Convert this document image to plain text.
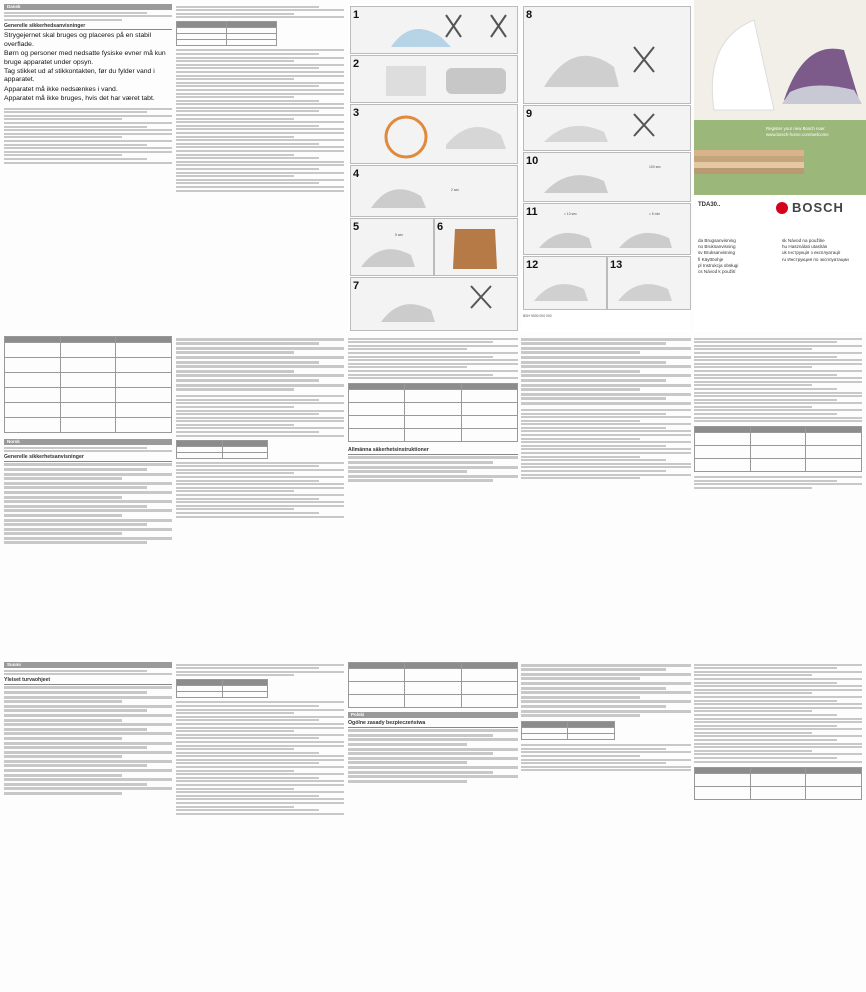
Dansk
Generelle sikkerhedsanvisninger

Strygejernet skal bruges og placeres på en stabil overflade.

Børn og personer med nedsatte fysiske evner må kun bruge apparatet under opsyn.

Tag stikket ud af stikkontakten, før du fylder vand i apparatet.

Apparatet må ikke nedsænkes i vand.

Apparatet må ikke bruges, hvis det har været tabt.

1
2
3
4
2 sec
5
5 sec
6
7
8
9
10	100 sec
11	≈ 10 sec	≈ 5 min
12	13
BSH 9000 000 000
Register your new Bosch now:
www.bosch-home.com/welcome
BOSCH
TDA30..
da Brugsanvisning
no Bruksanvisning
sv Bruksanvisning
fi Käyttöohje
pl Instrukcja obsługi
cs Návod k použití
sk Návod na použitie
hu Használati utasítás
uk Інструкція з експлуатації
ru Инструкция по эксплуатации

Norsk
Generelle sikkerhetsanvisninger

Allmänna säkerhetsinstruktioner

Suomi
Yleiset turvaohjeet

Polski
Ogólne zasady bezpieczeństwa
